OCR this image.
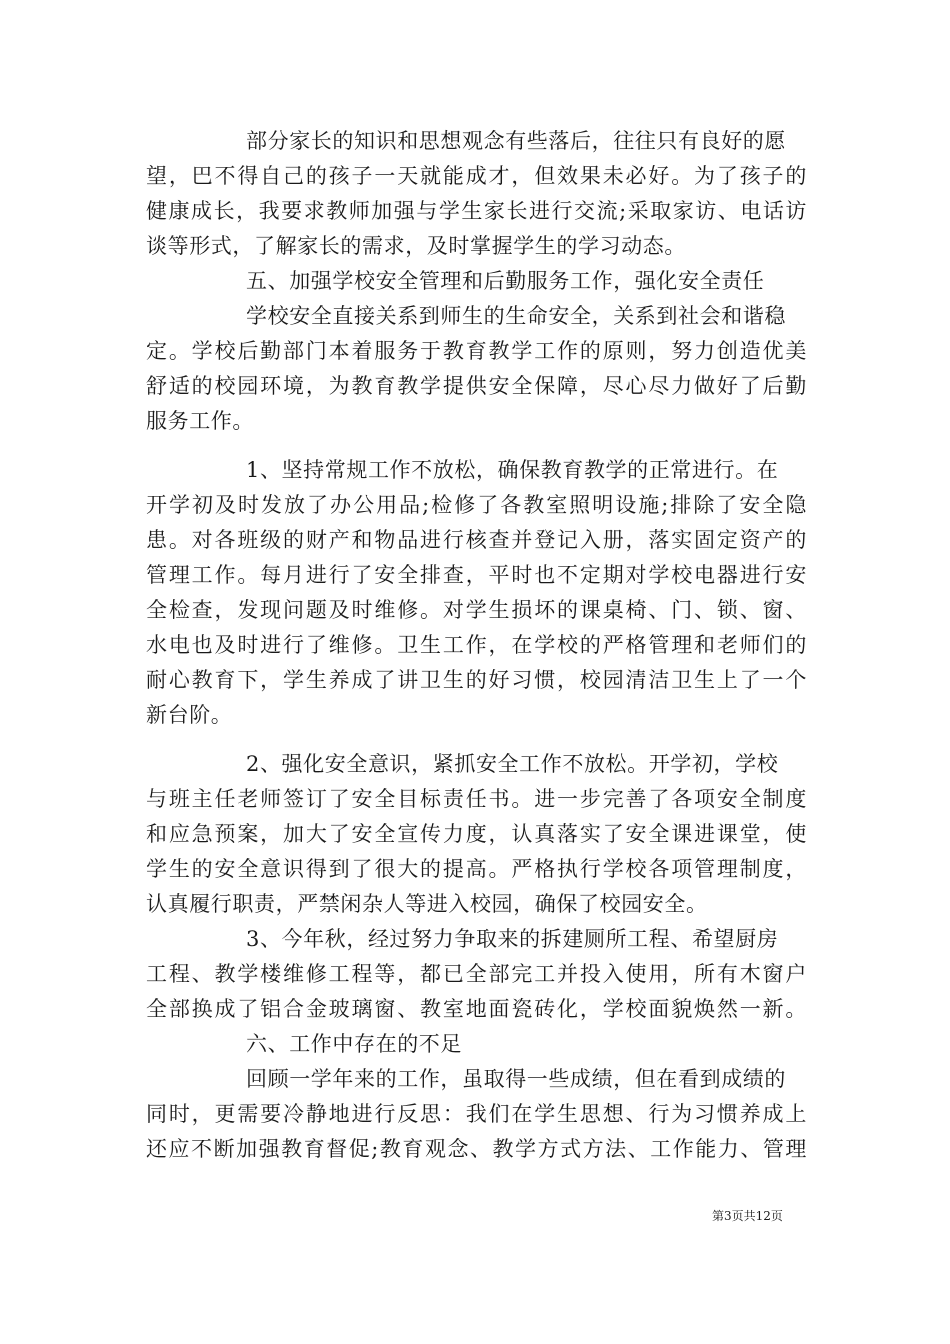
部分家长的知识和思想观念有些落后，往往只有良好的愿
望，巴不得自己的孩子一天就能成才，但效果未必好。为了孩子的
健康成长，我要求教师加强与学生家长进行交流;采取家访、电话访
谈等形式，了解家长的需求，及时掌握学生的学习动态。
五、加强学校安全管理和后勤服务工作，强化安全责任
学校安全直接关系到师生的生命安全，关系到社会和谐稳
定。学校后勤部门本着服务于教育教学工作的原则，努力创造优美
舒适的校园环境，为教育教学提供安全保障，尽心尽力做好了后勤
服务工作。
1、坚持常规工作不放松，确保教育教学的正常进行。在
开学初及时发放了办公用品;检修了各教室照明设施;排除了安全隐
患。对各班级的财产和物品进行核查并登记入册，落实固定资产的
管理工作。每月进行了安全排查，平时也不定期对学校电器进行安
全检查，发现问题及时维修。对学生损坏的课桌椅、门、锁、窗、
水电也及时进行了维修。卫生工作，在学校的严格管理和老师们的
耐心教育下，学生养成了讲卫生的好习惯，校园清洁卫生上了一个
新台阶。
2、强化安全意识，紧抓安全工作不放松。开学初，学校
与班主任老师签订了安全目标责任书。进一步完善了各项安全制度
和应急预案，加大了安全宣传力度，认真落实了安全课进课堂，使
学生的安全意识得到了很大的提高。严格执行学校各项管理制度，
认真履行职责，严禁闲杂人等进入校园，确保了校园安全。
3、今年秋，经过努力争取来的拆建厕所工程、希望厨房
工程、教学楼维修工程等，都已全部完工并投入使用，所有木窗户
全部换成了铝合金玻璃窗、教室地面瓷砖化，学校面貌焕然一新。
六、工作中存在的不足
回顾一学年来的工作，虽取得一些成绩，但在看到成绩的
同时，更需要冷静地进行反思：我们在学生思想、行为习惯养成上
还应不断加强教育督促;教育观念、教学方式方法、工作能力、管理
第3页共12页
